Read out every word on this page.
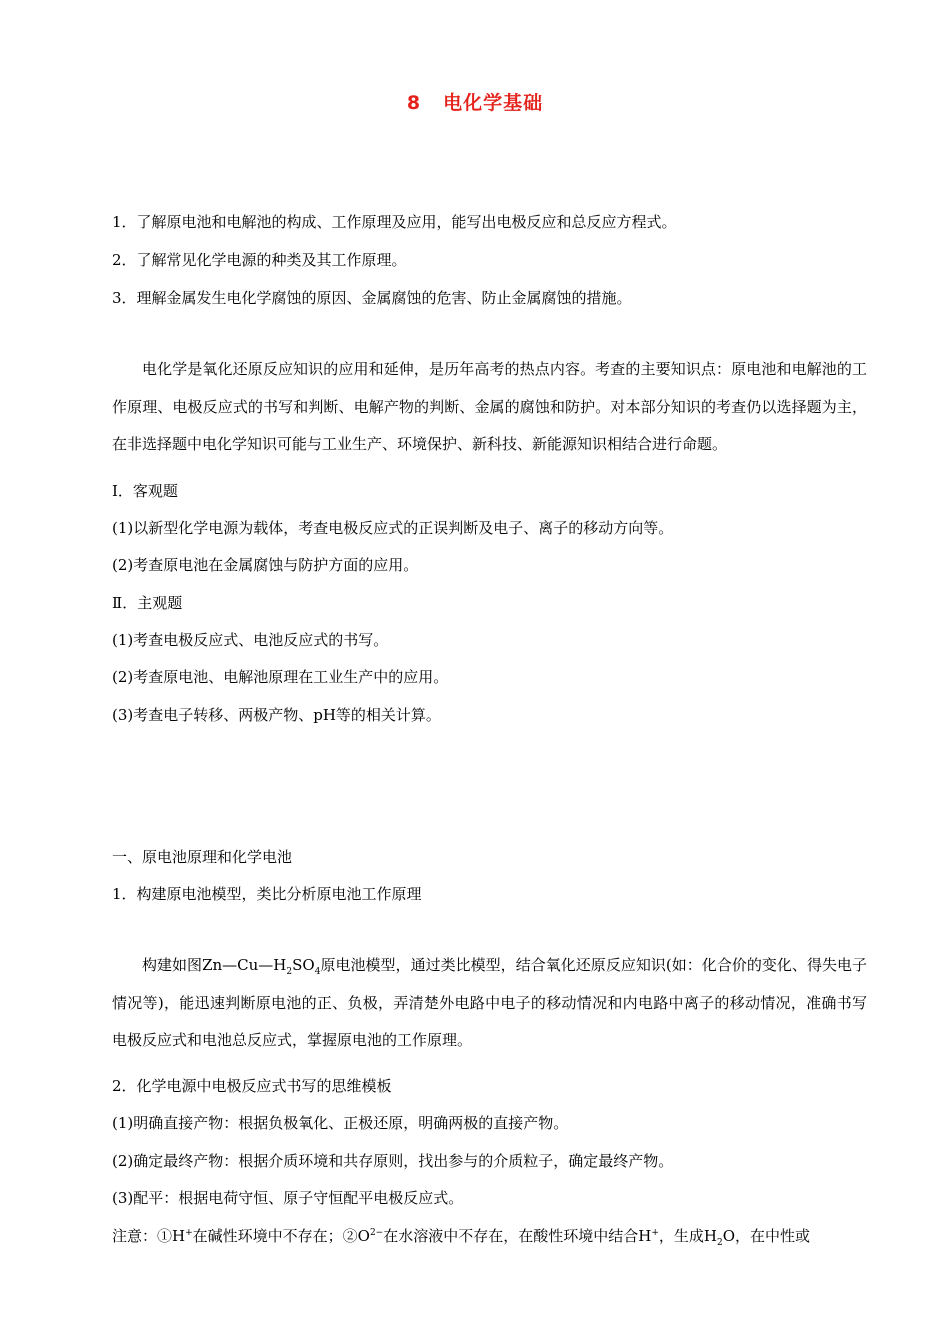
8 电化学基础
1．了解原电池和电解池的构成、工作原理及应用，能写出电极反应和总反应方程式。
2．了解常见化学电源的种类及其工作原理。
3．理解金属发生电化学腐蚀的原因、金属腐蚀的危害、防止金属腐蚀的措施。
电化学是氧化还原反应知识的应用和延伸，是历年高考的热点内容。考查的主要知识点：原电池和电解池的工作原理、电极反应式的书写和判断、电解产物的判断、金属的腐蚀和防护。对本部分知识的考查仍以选择题为主，在非选择题中电化学知识可能与工业生产、环境保护、新科技、新能源知识相结合进行命题。
Ⅰ．客观题
(1)以新型化学电源为载体，考查电极反应式的正误判断及电子、离子的移动方向等。
(2)考查原电池在金属腐蚀与防护方面的应用。
Ⅱ．主观题
(1)考查电极反应式、电池反应式的书写。
(2)考查原电池、电解池原理在工业生产中的应用。
(3)考查电子转移、两极产物、pH等的相关计算。
一、原电池原理和化学电池
1．构建原电池模型，类比分析原电池工作原理
构建如图$Zn—Cu—H_2SO_4$原电池模型，通过类比模型，结合氧化还原反应知识(如：化合价的变化、得失电子情况等)，能迅速判断原电池的正、负极，弄清楚外电路中电子的移动情况和内电路中离子的移动情况，准确书写电极反应式和电池总反应式，掌握原电池的工作原理。
2．化学电源中电极反应式书写的思维模板
(1)明确直接产物：根据负极氧化、正极还原，明确两极的直接产物。
(2)确定最终产物：根据介质环境和共存原则，找出参与的介质粒子，确定最终产物。
(3)配平：根据电荷守恒、原子守恒配平电极反应式。
注意：①H+在碱性环境中不存在；$②O^{2-}$在水溶液中不存在，在酸性环境中结合H+，生成$H_2O$，在中性或
